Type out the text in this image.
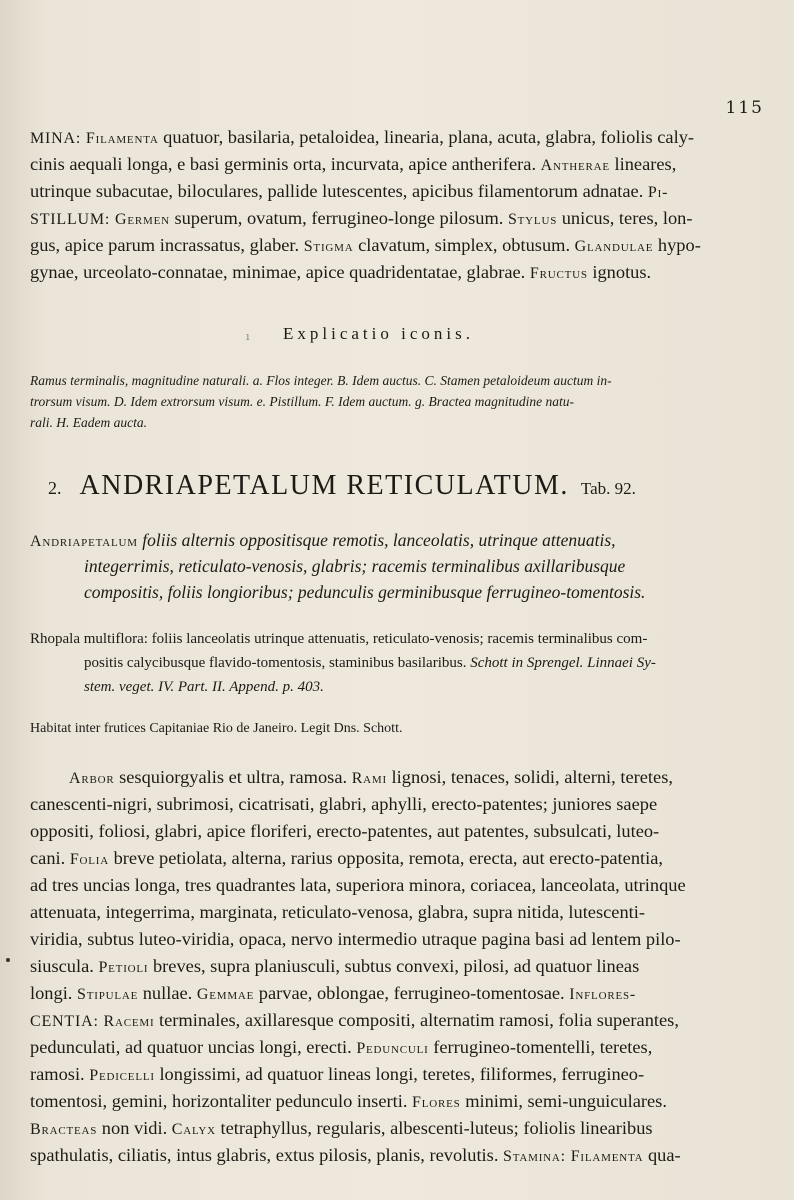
115
MINA: Filamenta quatuor, basilaria, petaloidea, linearia, plana, acuta, glabra, foliolis caly-
cinis aequali longa, e basi germinis orta, incurvata, apice antherifera. Antherae lineares,
utrinque subacutae, biloculares, pallide lutescentes, apicibus filamentorum adnatae. Pi-
STILLUM: Germen superum, ovatum, ferrugineo-longe pilosum. Stylus unicus, teres, lon-
gus, apice parum incrassatus, glaber. Stigma clavatum, simplex, obtusum. Glandulae hypo-
gynae, urceolato-connatae, minimae, apice quadridentatae, glabrae. Fructus ignotus.
ı Explicatio iconis.
Ramus terminalis, magnitudine naturali. a. Flos integer. B. Idem auctus. C. Stamen petaloideum auctum in-
trorsum visum. D. Idem extrorsum visum. e. Pistillum. F. Idem auctum. g. Bractea magnitudine natu-
rali. H. Eadem aucta.
2. ANDRIAPETALUM RETICULATUM. Tab. 92.
Andriapetalum foliis alternis oppositisque remotis, lanceolatis, utrinque attenuatis,
integerrimis, reticulato-venosis, glabris; racemis terminalibus axillaribusque
compositis, foliis longioribus; pedunculis germinibusque ferrugineo-tomentosis.
Rhopala multiflora: foliis lanceolatis utrinque attenuatis, reticulato-venosis; racemis terminalibus com-
positis calycibusque flavido-tomentosis, staminibus basilaribus. Schott in Sprengel. Linnaei Sy-
stem. veget. IV. Part. II. Append. p. 403.
Habitat inter frutices Capitaniae Rio de Janeiro. Legit Dns. Schott.
Arbor sesquiorgyalis et ultra, ramosa. Rami lignosi, tenaces, solidi, alterni, teretes,
canescenti-nigri, subrimosi, cicatrisati, glabri, aphylli, erecto-patentes; juniores saepe
oppositi, foliosi, glabri, apice floriferi, erecto-patentes, aut patentes, subsulcati, luteo-
cani. Folia breve petiolata, alterna, rarius opposita, remota, erecta, aut erecto-patentia,
ad tres uncias longa, tres quadrantes lata, superiora minora, coriacea, lanceolata, utrinque
attenuata, integerrima, marginata, reticulato-venosa, glabra, supra nitida, lutescenti-
viridia, subtus luteo-viridia, opaca, nervo intermedio utraque pagina basi ad lentem pilo-
siuscula. Petioli breves, supra planiusculi, subtus convexi, pilosi, ad quatuor lineas
longi. Stipulae nullae. Gemmae parvae, oblongae, ferrugineo-tomentosae. Inflores-
CENTIA: Racemi terminales, axillaresque compositi, alternatim ramosi, folia superantes,
pedunculati, ad quatuor uncias longi, erecti. Pedunculi ferrugineo-tomentelli, teretes,
ramosi. Pedicelli longissimi, ad quatuor lineas longi, teretes, filiformes, ferrugineo-
tomentosi, gemini, horizontaliter pedunculo inserti. Flores minimi, semi-unguiculares.
Bracteas non vidi. Calyx tetraphyllus, regularis, albescenti-luteus; foliolis linearibus
spathulatis, ciliatis, intus glabris, extus pilosis, planis, revolutis. Stamina: Filamenta qua-
